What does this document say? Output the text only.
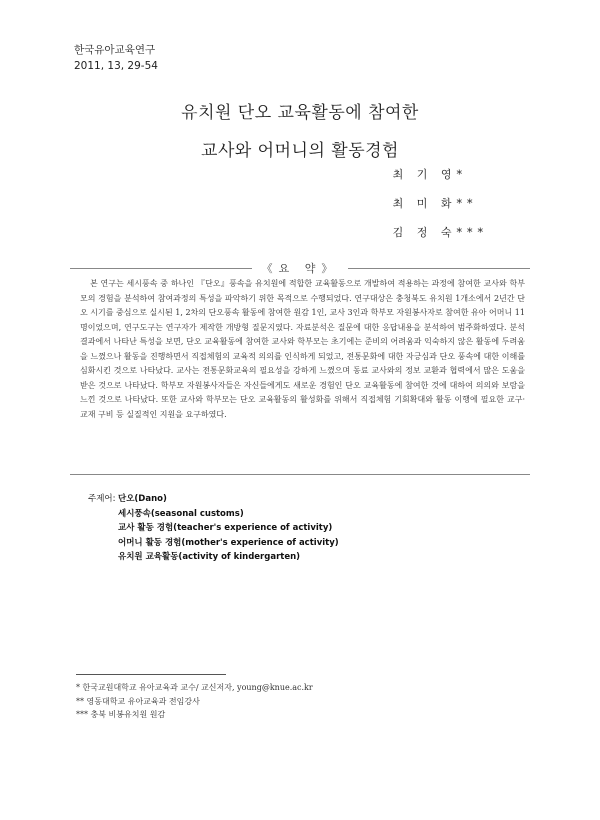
한국유아교육연구
2011, 13, 29-54
유치원 단오 교육활동에 참여한
교사와 어머니의 활동경험
최 기 영*
최 미 화**
김 정 숙***
《요 약》

본 연구는 세시풍속 중 하나인 『단오』풍속을 유치원에 적합한 교육활동으로 개발하여 적용하는 과정에 참여한 교사와 학부모의 경험을 분석하여 참여과정의 특성을 파악하기 위한 목적으로 수행되었다. 연구대상은 충청북도 유치원 1개소에서 2년간 단오 시기를 중심으로 실시된 1, 2차의 단오풍속 활동에 참여한 원감 1인, 교사 3인과 학부모 자원봉사자로 참여한 유아 어머니 11명이었으며, 연구도구는 연구자가 제작한 개방형 질문지였다. 자료분석은 질문에 대한 응답내용을 분석하여 범주화하였다. 분석결과에서 나타난 특성을 보면, 단오 교육활동에 참여한 교사와 학부모는 초기에는 준비의 어려움과 익숙하지 않은 활동에 두려움을 느꼈으나 활동을 진행하면서 직접체험의 교육적 의의를 인식하게 되었고, 전통문화에 대한 자긍심과 단오 풍속에 대한 이해를 심화시킨 것으로 나타났다. 교사는 전통문화교육의 필요성을 강하게 느꼈으며 동료 교사와의 정보 교환과 협력에서 많은 도움을 받은 것으로 나타났다. 학부모 자원봉사자들은 자신들에게도 새로운 경험인 단오 교육활동에 참여한 것에 대하여 의의와 보람을 느낀 것으로 나타났다. 또한 교사와 학부모는 단오 교육활동의 활성화를 위해서 직접체험 기회확대와 활동 이행에 필요한 교구·교재 구비 등 실질적인 지원을 요구하였다.

주제어: 단오(Dano)
세시풍속(seasonal customs)
교사 활동 경험(teacher's experience of activity)
어머니 활동 경험(mother's experience of activity)
유치원 교육활동(activity of kindergarten)
* 한국교원대학교 유아교육과 교수/ 교신저자, young@knue.ac.kr
** 영동대학교 유아교육과 전임강사
*** 충북 비봉유치원 원감
